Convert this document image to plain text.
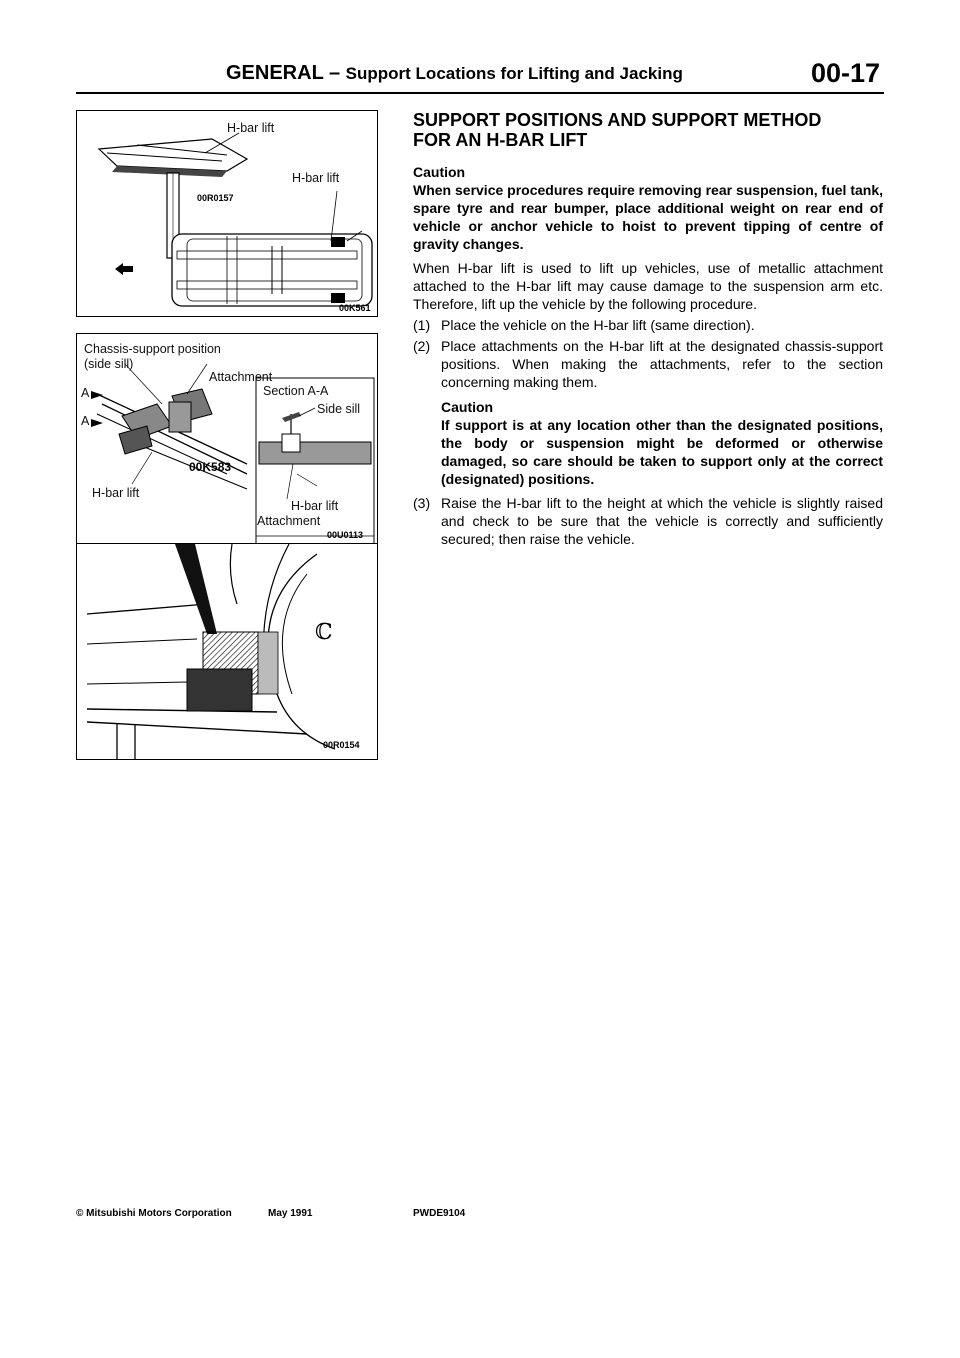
GENERAL – Support Locations for Lifting and Jacking	00-17
H-bar lift
H-bar lift
00R0157
00K561
Chassis-support position
(side sill)
Attachment
A
A
00K583
H-bar lift
Section A-A
Side sill
H-bar lift
Attachment
00U0113
ℂ
00R0154
SUPPORT POSITIONS AND SUPPORT METHOD
FOR AN H-BAR LIFT

Caution

When service procedures require removing rear suspension, fuel tank, spare tyre and rear bumper, place additional weight on rear end of vehicle or anchor vehicle to hoist to prevent tipping of centre of gravity changes.

When H-bar lift is used to lift up vehicles, use of metallic attachment attached to the H-bar lift may cause damage to the suspension arm etc. Therefore, lift up the vehicle by the following procedure.

(1) Place the vehicle on the H-bar lift (same direction).
(2) Place attachments on the H-bar lift at the designated chassis-support positions. When making the attachments, refer to the section concerning making them.

Caution

If support is at any location other than the designated positions, the body or suspension might be deformed or otherwise damaged, so care should be taken to support only at the correct (designated) positions.

(3) Raise the H-bar lift to the height at which the vehicle is slightly raised and check to be sure that the vehicle is correctly and sufficiently secured; then raise the vehicle.
© Mitsubishi Motors Corporation	May 1991	PWDE9104
